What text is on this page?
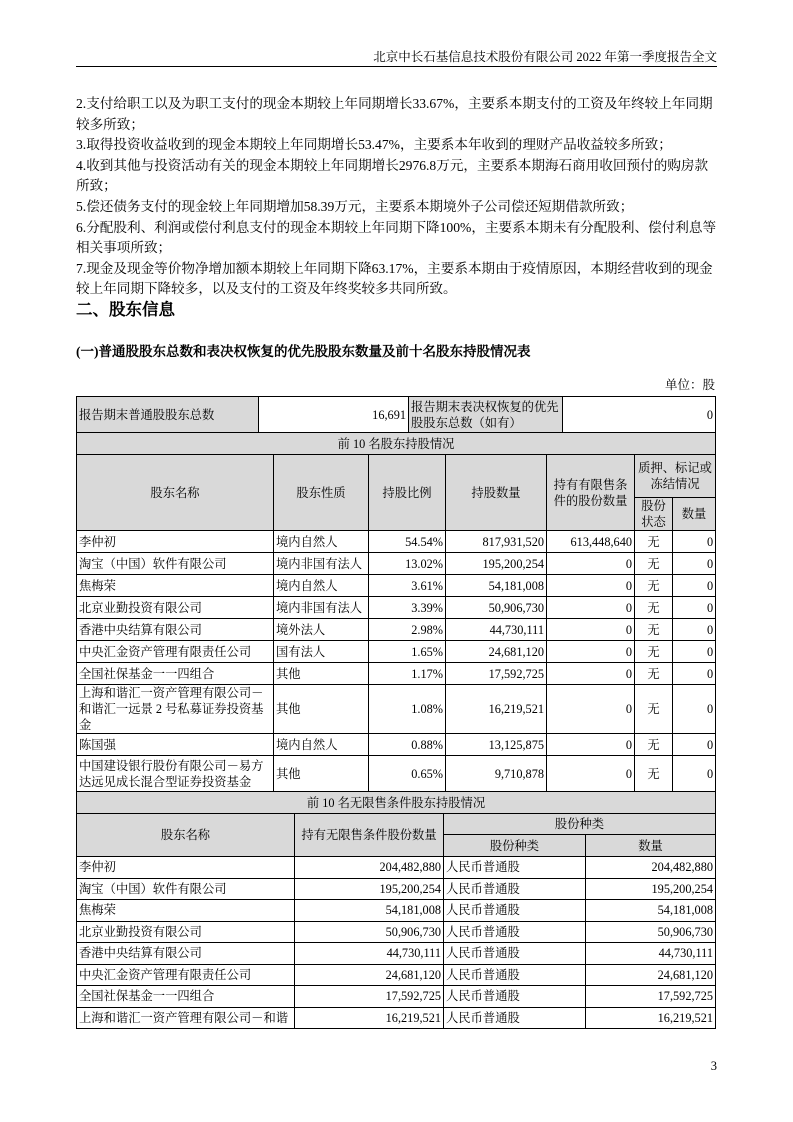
北京中长石基信息技术股份有限公司 2022 年第一季度报告全文

2.支付给职工以及为职工支付的现金本期较上年同期增长33.67%，主要系本期支付的工资及年终较上年同期较多所致；

3.取得投资收益收到的现金本期较上年同期增长53.47%，主要系本年收到的理财产品收益较多所致；

4.收到其他与投资活动有关的现金本期较上年同期增长2976.8万元，主要系本期海石商用收回预付的购房款所致；

5.偿还债务支付的现金较上年同期增加58.39万元，主要系本期境外子公司偿还短期借款所致；

6.分配股利、利润或偿付利息支付的现金本期较上年同期下降100%，主要系本期未有分配股利、偿付利息等相关事项所致；

7.现金及现金等价物净增加额本期较上年同期下降63.17%，主要系本期由于疫情原因，本期经营收到的现金较上年同期下降较多，以及支付的工资及年终奖较多共同所致。

二、股东信息
(一)普通股股东总数和表决权恢复的优先股股东数量及前十名股东持股情况表
单位：股
报告期末普通股股东总数	16,691	报告期末表决权恢复的优先股股东总数（如有）	0
前 10 名股东持股情况						
股东名称	股东性质	持股比例	持股数量	持有有限售条件的股份数量	质押、标记或冻结情况	
					股份状态	数量
李仲初	境内自然人	54.54%	817,931,520	613,448,640	无	0
淘宝（中国）软件有限公司	境内非国有法人	13.02%	195,200,254	0	无	0
焦梅荣	境内自然人	3.61%	54,181,008	0	无	0
北京业勤投资有限公司	境内非国有法人	3.39%	50,906,730	0	无	0
香港中央结算有限公司	境外法人	2.98%	44,730,111	0	无	0
中央汇金资产管理有限责任公司	国有法人	1.65%	24,681,120	0	无	0
全国社保基金一一四组合	其他	1.17%	17,592,725	0	无	0
上海和谐汇一资产管理有限公司－和谐汇一远景 2 号私募证券投资基金	其他	1.08%	16,219,521	0	无	0
陈国强	境内自然人	0.88%	13,125,875	0	无	0
中国建设银行股份有限公司－易方达远见成长混合型证券投资基金	其他	0.65%	9,710,878	0	无	0
前 10 名无限售条件股东持股情况			
股东名称	持有无限售条件股份数量	股份种类	
		股份种类	数量
李仲初	204,482,880	人民币普通股	204,482,880
淘宝（中国）软件有限公司	195,200,254	人民币普通股	195,200,254
焦梅荣	54,181,008	人民币普通股	54,181,008
北京业勤投资有限公司	50,906,730	人民币普通股	50,906,730
香港中央结算有限公司	44,730,111	人民币普通股	44,730,111
中央汇金资产管理有限责任公司	24,681,120	人民币普通股	24,681,120
全国社保基金一一四组合	17,592,725	人民币普通股	17,592,725
上海和谐汇一资产管理有限公司－和谐	16,219,521	人民币普通股	16,219,521
3
